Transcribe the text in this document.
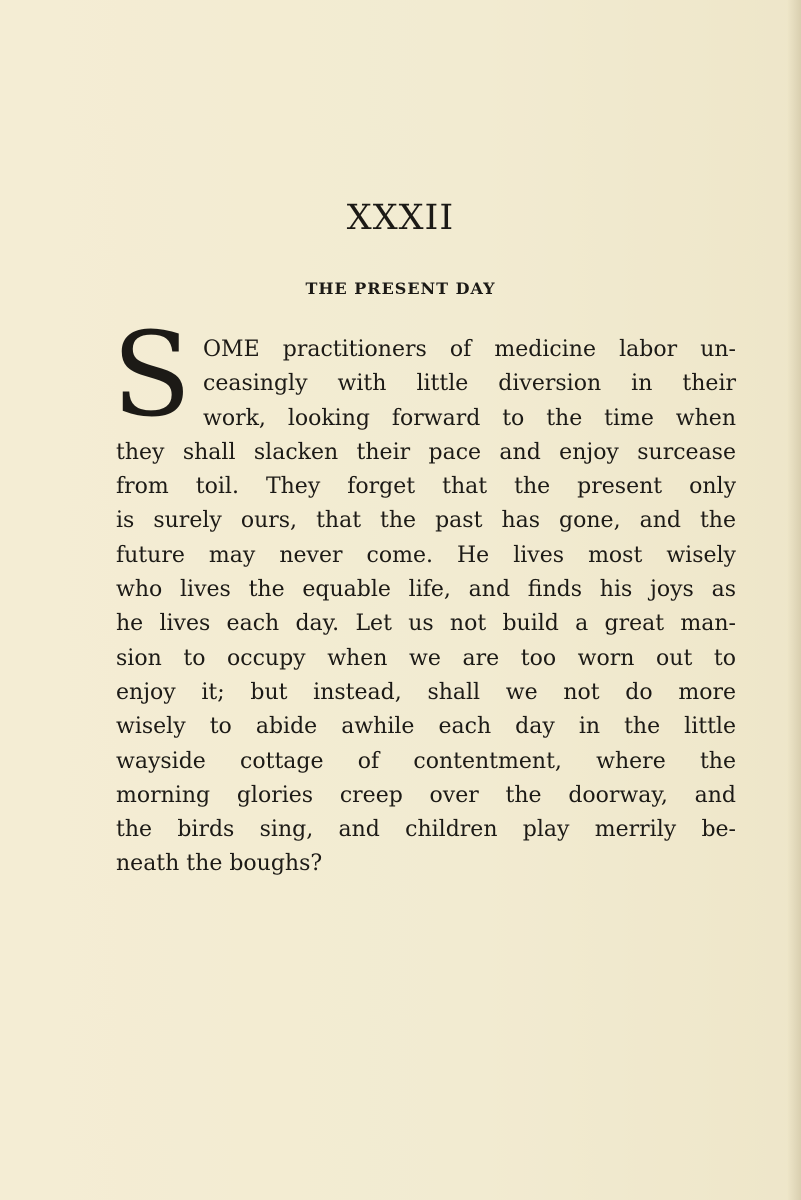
XXXII
THE PRESENT DAY
S OME practitioners of medicine labor un-
ceasingly with little diversion in their
work, looking forward to the time when
they shall slacken their pace and enjoy surcease
from toil. They forget that the present only
is surely ours, that the past has gone, and the
future may never come. He lives most wisely
who lives the equable life, and finds his joys as
he lives each day. Let us not build a great man-
sion to occupy when we are too worn out to
enjoy it; but instead, shall we not do more
wisely to abide awhile each day in the little
wayside cottage of contentment, where the
morning glories creep over the doorway, and
the birds sing, and children play merrily be-
neath the boughs?
